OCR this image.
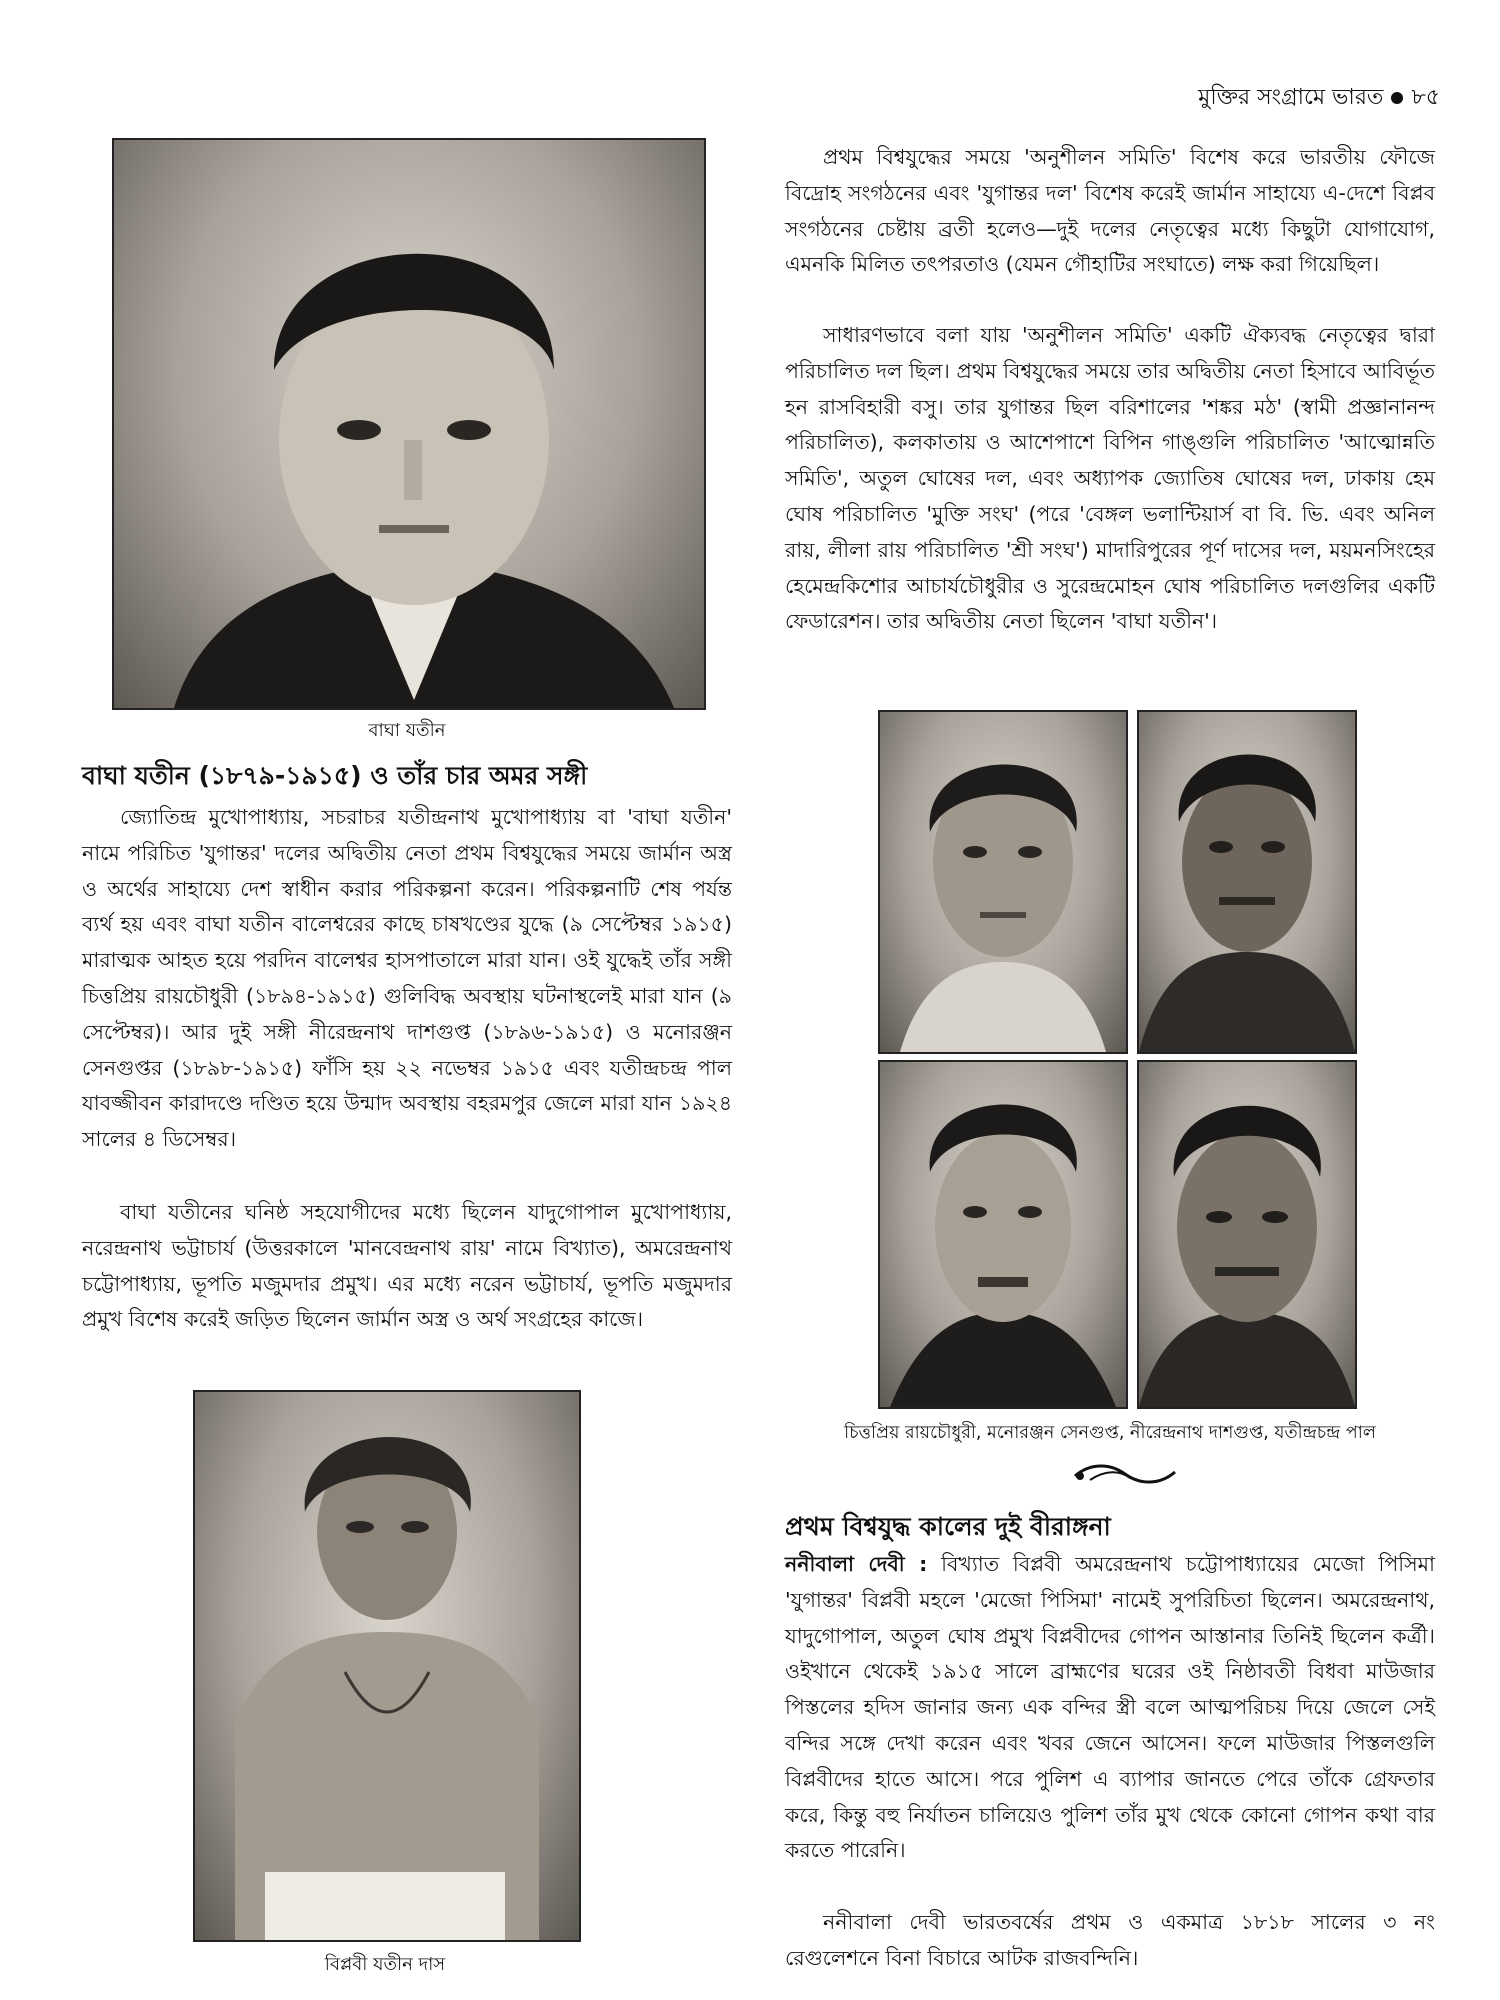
মুক্তির সংগ্রামে ভারত ৮৫
বাঘা যতীন
বাঘা যতীন (১৮৭৯-১৯১৫) ও তাঁর চার অমর সঙ্গী

জ্যোতিন্দ্র মুখোপাধ্যায়, সচরাচর যতীন্দ্রনাথ মুখোপাধ্যায় বা 'বাঘা যতীন' নামে পরিচিত 'যুগান্তর' দলের অদ্বিতীয় নেতা প্রথম বিশ্বযুদ্ধের সময়ে জার্মান অস্ত্র ও অর্থের সাহায্যে দেশ স্বাধীন করার পরিকল্পনা করেন। পরিকল্পনাটি শেষ পর্যন্ত ব্যর্থ হয় এবং বাঘা যতীন বালেশ্বরের কাছে চাষখণ্ডের যুদ্ধে (৯ সেপ্টেম্বর ১৯১৫) মারাত্মক আহত হয়ে পরদিন বালেশ্বর হাসপাতালে মারা যান। ওই যুদ্ধেই তাঁর সঙ্গী চিত্তপ্রিয় রায়চৌধুরী (১৮৯৪-১৯১৫) গুলিবিদ্ধ অবস্থায় ঘটনাস্থলেই মারা যান (৯ সেপ্টেম্বর)। আর দুই সঙ্গী নীরেন্দ্রনাথ দাশগুপ্ত (১৮৯৬-১৯১৫) ও মনোরঞ্জন সেনগুপ্তর (১৮৯৮-১৯১৫) ফাঁসি হয় ২২ নভেম্বর ১৯১৫ এবং যতীন্দ্রচন্দ্র পাল যাবজ্জীবন কারাদণ্ডে দণ্ডিত হয়ে উন্মাদ অবস্থায় বহরমপুর জেলে মারা যান ১৯২৪ সালের ৪ ডিসেম্বর।

বাঘা যতীনের ঘনিষ্ঠ সহযোগীদের মধ্যে ছিলেন যাদুগোপাল মুখোপাধ্যায়, নরেন্দ্রনাথ ভট্টাচার্য (উত্তরকালে 'মানবেন্দ্রনাথ রায়' নামে বিখ্যাত), অমরেন্দ্রনাথ চট্টোপাধ্যায়, ভূপতি মজুমদার প্রমুখ। এর মধ্যে নরেন ভট্টাচার্য, ভূপতি মজুমদার প্রমুখ বিশেষ করেই জড়িত ছিলেন জার্মান অস্ত্র ও অর্থ সংগ্রহের কাজে।

বিপ্লবী যতীন দাস

প্রথম বিশ্বযুদ্ধের সময়ে 'অনুশীলন সমিতি' বিশেষ করে ভারতীয় ফৌজে বিদ্রোহ সংগঠনের এবং 'যুগান্তর দল' বিশেষ করেই জার্মান সাহায্যে এ-দেশে বিপ্লব সংগঠনের চেষ্টায় ব্রতী হলেও—দুই দলের নেতৃত্বের মধ্যে কিছুটা যোগাযোগ, এমনকি মিলিত তৎপরতাও (যেমন গৌহাটির সংঘাতে) লক্ষ করা গিয়েছিল।

সাধারণভাবে বলা যায় 'অনুশীলন সমিতি' একটি ঐক্যবদ্ধ নেতৃত্বের দ্বারা পরিচালিত দল ছিল। প্রথম বিশ্বযুদ্ধের সময়ে তার অদ্বিতীয় নেতা হিসাবে আবির্ভূত হন রাসবিহারী বসু। তার যুগান্তর ছিল বরিশালের 'শঙ্কর মঠ' (স্বামী প্রজ্ঞানানন্দ পরিচালিত), কলকাতায় ও আশেপাশে বিপিন গাঙ্গুলি পরিচালিত 'আত্মোন্নতি সমিতি', অতুল ঘোষের দল, এবং অধ্যাপক জ্যোতিষ ঘোষের দল, ঢাকায় হেম ঘোষ পরিচালিত 'মুক্তি সংঘ' (পরে 'বেঙ্গল ভলান্টিয়ার্স বা বি. ভি. এবং অনিল রায়, লীলা রায় পরিচালিত 'শ্রী সংঘ') মাদারিপুরের পূর্ণ দাসের দল, ময়মনসিংহের হেমেন্দ্রকিশোর আচার্যচৌধুরীর ও সুরেন্দ্রমোহন ঘোষ পরিচালিত দলগুলির একটি ফেডারেশন। তার অদ্বিতীয় নেতা ছিলেন 'বাঘা যতীন'।

চিত্তপ্রিয় রায়চৌধুরী, মনোরঞ্জন সেনগুপ্ত, নীরেন্দ্রনাথ দাশগুপ্ত, যতীন্দ্রচন্দ্র পাল
প্রথম বিশ্বযুদ্ধ কালের দুই বীরাঙ্গনা

ননীবালা দেবী : বিখ্যাত বিপ্লবী অমরেন্দ্রনাথ চট্টোপাধ্যায়ের মেজো পিসিমা 'যুগান্তর' বিপ্লবী মহলে 'মেজো পিসিমা' নামেই সুপরিচিতা ছিলেন। অমরেন্দ্রনাথ, যাদুগোপাল, অতুল ঘোষ প্রমুখ বিপ্লবীদের গোপন আস্তানার তিনিই ছিলেন কর্ত্রী। ওইখানে থেকেই ১৯১৫ সালে ব্রাহ্মণের ঘরের ওই নিষ্ঠাবতী বিধবা মাউজার পিস্তলের হদিস জানার জন্য এক বন্দির স্ত্রী বলে আত্মপরিচয় দিয়ে জেলে সেই বন্দির সঙ্গে দেখা করেন এবং খবর জেনে আসেন। ফলে মাউজার পিস্তলগুলি বিপ্লবীদের হাতে আসে। পরে পুলিশ এ ব্যাপার জানতে পেরে তাঁকে গ্রেফতার করে, কিন্তু বহু নির্যাতন চালিয়েও পুলিশ তাঁর মুখ থেকে কোনো গোপন কথা বার করতে পারেনি।

ননীবালা দেবী ভারতবর্ষের প্রথম ও একমাত্র ১৮১৮ সালের ৩ নং রেগুলেশনে বিনা বিচারে আটক রাজবন্দিনি।
